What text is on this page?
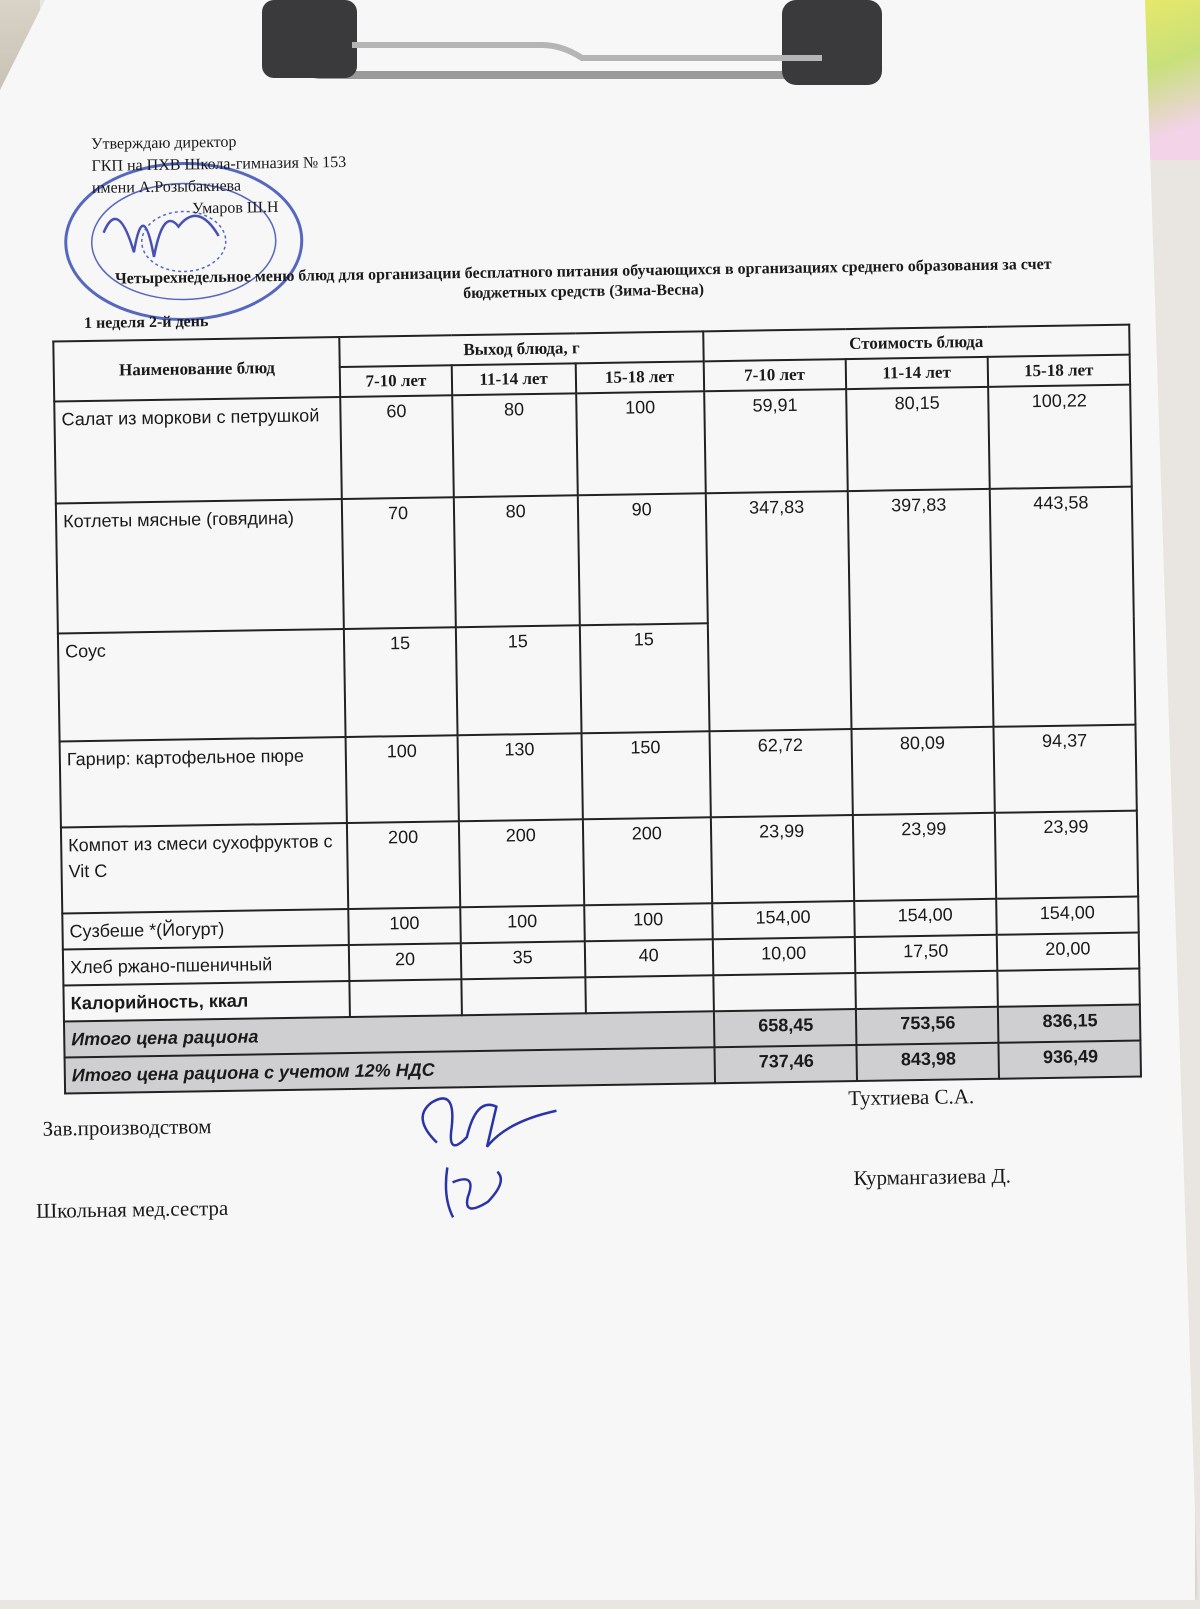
Утверждаю директор
ГКП на ПХВ Школа-гимназия № 153
имени А.Розыбакиева
Умаров Ш.Н
Четырехнедельное меню блюд для организации бесплатного питания обучающихся в организациях среднего образования за счет бюджетных средств (Зима-Весна)
1 неделя 2-й день
Наименование блюд	Выход блюда, г			Стоимость блюда		
	7-10 лет	11-14 лет	15-18 лет	7-10 лет	11-14 лет	15-18 лет
Салат из моркови с петрушкой	60	80	100	59,91	80,15	100,22
Котлеты мясные (говядина)	70	80	90	347,83	397,83	443,58
Соус	15	15	15			
Гарнир: картофельное пюре	100	130	150	62,72	80,09	94,37
Компот из смеси сухофруктов с Vit C	200	200	200	23,99	23,99	23,99
Сузбеше *(Йогурт)	100	100	100	154,00	154,00	154,00
Хлеб ржано-пшеничный	20	35	40	10,00	17,50	20,00
Калорийность, ккал						
Итого цена рациона				658,45	753,56	836,15
Итого цена рациона с учетом 12% НДС				737,46	843,98	936,49
Зав.производством
Тухтиева С.А.
Школьная мед.сестра
Курмангазиева Д.
